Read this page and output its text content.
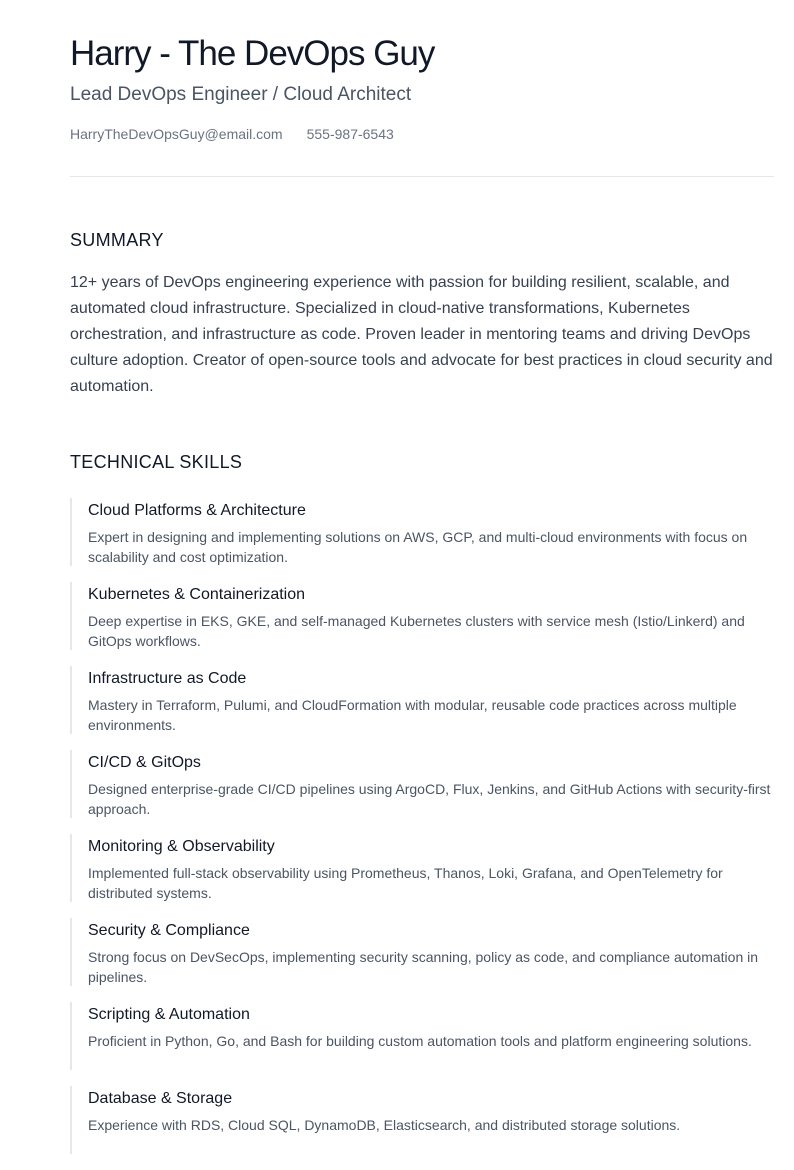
Harry - The DevOps Guy
Lead DevOps Engineer / Cloud Architect
HarryTheDevOpsGuy@email.com 555-987-6543
SUMMARY

12+ years of DevOps engineering experience with passion for building resilient, scalable, and automated cloud infrastructure. Specialized in cloud-native transformations, Kubernetes orchestration, and infrastructure as code. Proven leader in mentoring teams and driving DevOps culture adoption. Creator of open-source tools and advocate for best practices in cloud security and automation.

TECHNICAL SKILLS
Cloud Platforms & Architecture
Expert in designing and implementing solutions on AWS, GCP, and multi-cloud environments with focus on scalability and cost optimization.
Kubernetes & Containerization
Deep expertise in EKS, GKE, and self-managed Kubernetes clusters with service mesh (Istio/Linkerd) and GitOps workflows.
Infrastructure as Code
Mastery in Terraform, Pulumi, and CloudFormation with modular, reusable code practices across multiple environments.
CI/CD & GitOps
Designed enterprise-grade CI/CD pipelines using ArgoCD, Flux, Jenkins, and GitHub Actions with security-first approach.
Monitoring & Observability
Implemented full-stack observability using Prometheus, Thanos, Loki, Grafana, and OpenTelemetry for distributed systems.
Security & Compliance
Strong focus on DevSecOps, implementing security scanning, policy as code, and compliance automation in pipelines.
Scripting & Automation
Proficient in Python, Go, and Bash for building custom automation tools and platform engineering solutions.
Database & Storage
Experience with RDS, Cloud SQL, DynamoDB, Elasticsearch, and distributed storage solutions.
